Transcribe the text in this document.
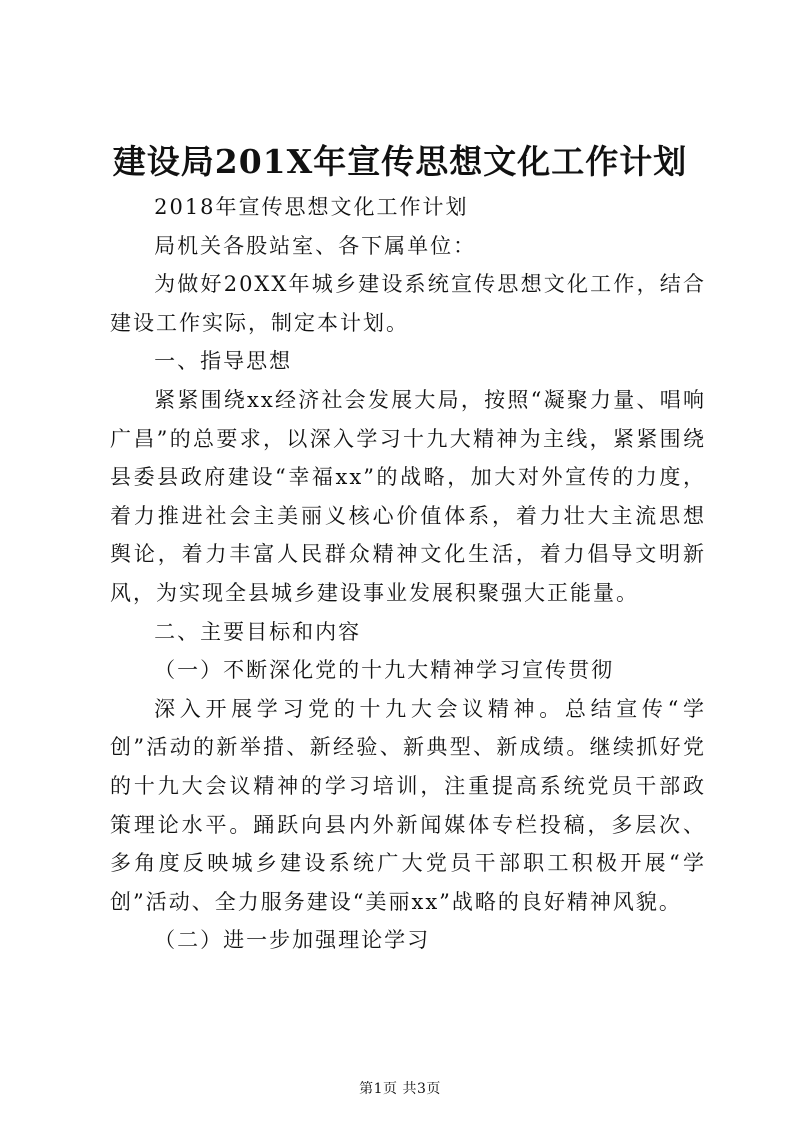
建设局201X年宣传思想文化工作计划

2018年宣传思想文化工作计划

局机关各股站室、各下属单位：

为做好20XX年城乡建设系统宣传思想文化工作，结合建设工作实际，制定本计划。

一、指导思想

紧紧围绕xx经济社会发展大局，按照“凝聚力量、唱响广昌”的总要求，以深入学习十九大精神为主线，紧紧围绕县委县政府建设“幸福xx”的战略，加大对外宣传的力度，着力推进社会主美丽义核心价值体系，着力壮大主流思想舆论，着力丰富人民群众精神文化生活，着力倡导文明新风，为实现全县城乡建设事业发展积聚强大正能量。

二、主要目标和内容

（一）不断深化党的十九大精神学习宣传贯彻

深入开展学习党的十九大会议精神。总结宣传“学创”活动的新举措、新经验、新典型、新成绩。继续抓好党的十九大会议精神的学习培训，注重提高系统党员干部政策理论水平。踊跃向县内外新闻媒体专栏投稿，多层次、多角度反映城乡建设系统广大党员干部职工积极开展“学创”活动、全力服务建设“美丽xx”战略的良好精神风貌。

（二）进一步加强理论学习

第1页 共3页
